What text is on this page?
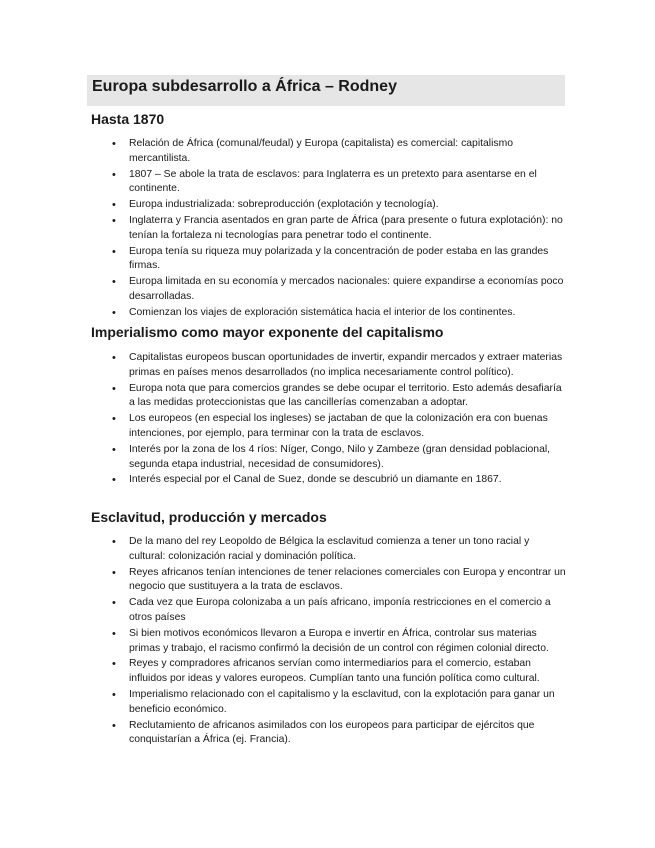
Europa subdesarrollo a África – Rodney
Hasta 1870
• Relación de África (comunal/feudal) y Europa (capitalista) es comercial: capitalismo mercantilista.
• 1807 – Se abole la trata de esclavos: para Inglaterra es un pretexto para asentarse en el continente.
• Europa industrializada: sobreproducción (explotación y tecnología).
• Inglaterra y Francia asentados en gran parte de África (para presente o futura explotación): no tenían la fortaleza ni tecnologías para penetrar todo el continente.
• Europa tenía su riqueza muy polarizada y la concentración de poder estaba en las grandes firmas.
• Europa limitada en su economía y mercados nacionales: quiere expandirse a economías poco desarrolladas.
• Comienzan los viajes de exploración sistemática hacia el interior de los continentes.
Imperialismo como mayor exponente del capitalismo
• Capitalistas europeos buscan oportunidades de invertir, expandir mercados y extraer materias primas en países menos desarrollados (no implica necesariamente control político).
• Europa nota que para comercios grandes se debe ocupar el territorio. Esto además desafiaría a las medidas proteccionistas que las cancillerías comenzaban a adoptar.
• Los europeos (en especial los ingleses) se jactaban de que la colonización era con buenas intenciones, por ejemplo, para terminar con la trata de esclavos.
• Interés por la zona de los 4 ríos: Níger, Congo, Nilo y Zambeze (gran densidad poblacional, segunda etapa industrial, necesidad de consumidores).
• Interés especial por el Canal de Suez, donde se descubrió un diamante en 1867.
Esclavitud, producción y mercados
• De la mano del rey Leopoldo de Bélgica la esclavitud comienza a tener un tono racial y cultural: colonización racial y dominación política.
• Reyes africanos tenían intenciones de tener relaciones comerciales con Europa y encontrar un negocio que sustituyera a la trata de esclavos.
• Cada vez que Europa colonizaba a un país africano, imponía restricciones en el comercio a otros países
• Si bien motivos económicos llevaron a Europa e invertir en África, controlar sus materias primas y trabajo, el racismo confirmó la decisión de un control con régimen colonial directo.
• Reyes y compradores africanos servían como intermediarios para el comercio, estaban influidos por ideas y valores europeos. Cumplían tanto una función política como cultural.
• Imperialismo relacionado con el capitalismo y la esclavitud, con la explotación para ganar un beneficio económico.
• Reclutamiento de africanos asimilados con los europeos para participar de ejércitos que conquistarían a África (ej. Francia).
